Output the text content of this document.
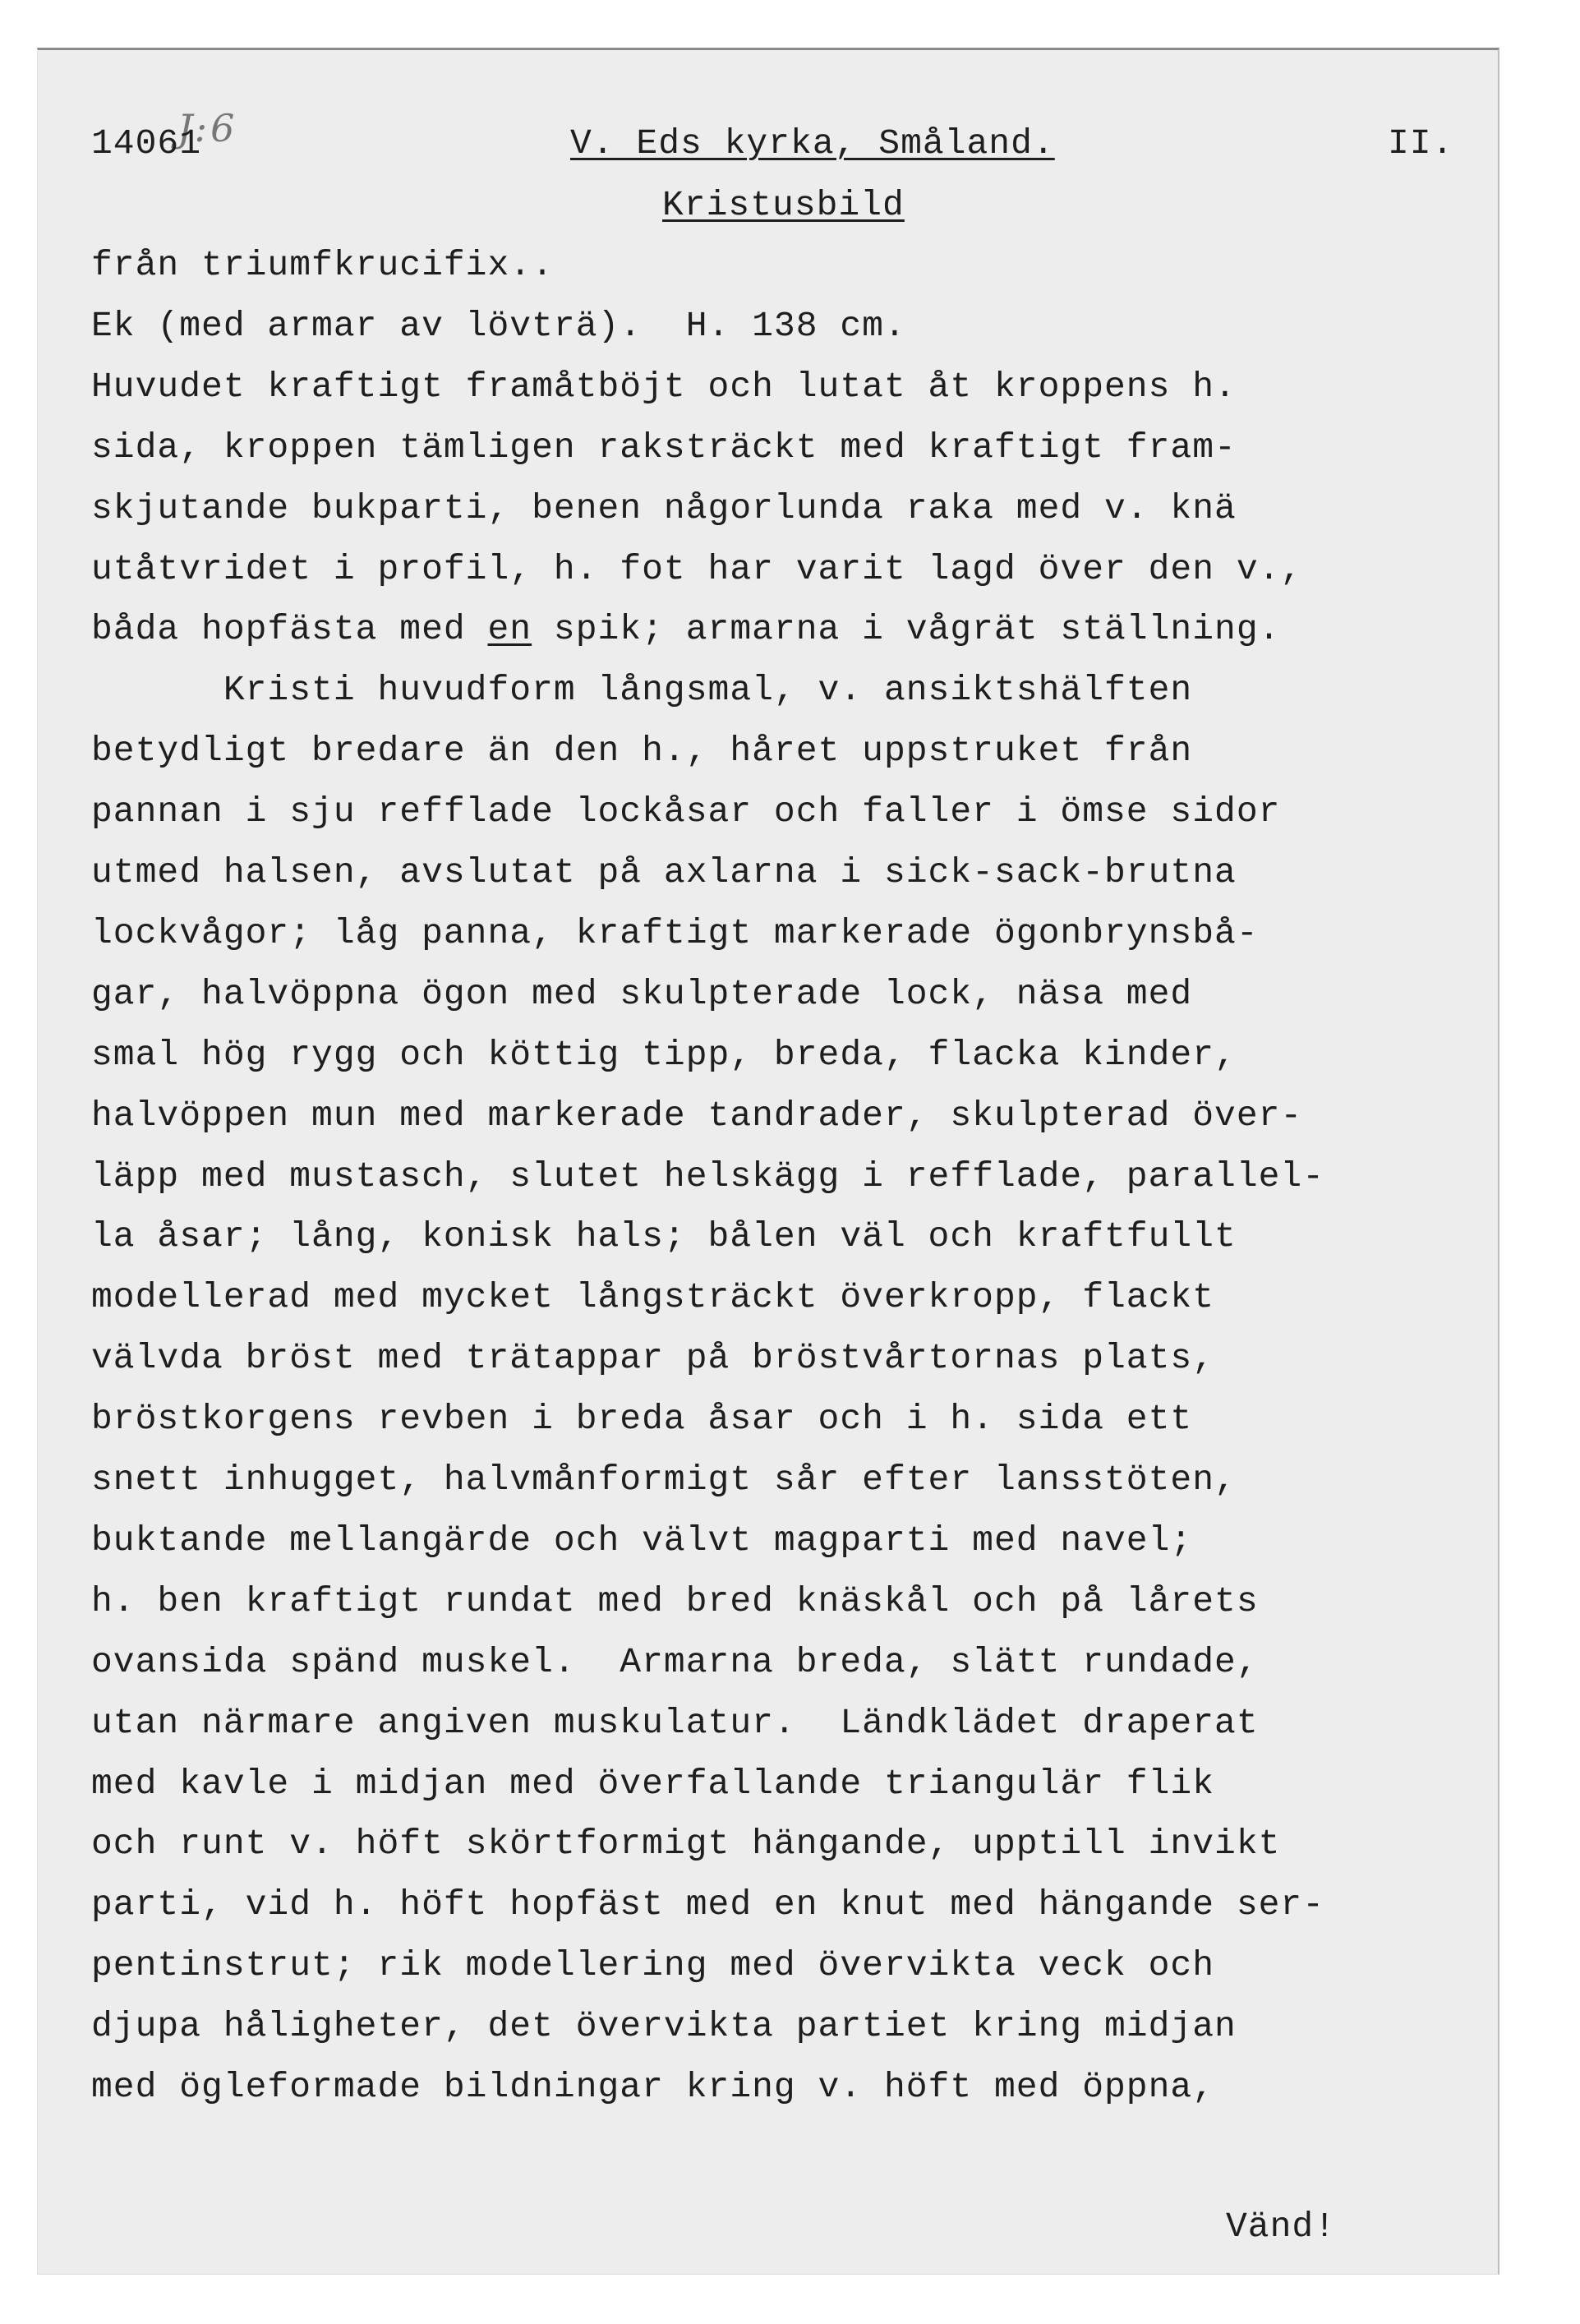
J:6
14061	V. Eds kyrka, Småland.	II.
Kristusbild
från triumfkrucifix..
Ek (med armar av lövträ).  H. 138 cm.
Huvudet kraftigt framåtböjt och lutat åt kroppens h.
sida, kroppen tämligen raksträckt med kraftigt fram-
skjutande bukparti, benen någorlunda raka med v. knä
utåtvridet i profil, h. fot har varit lagd över den v.,
båda hopfästa med en spik; armarna i vågrät ställning.
Kristi huvudform långsmal, v. ansiktshälften
betydligt bredare än den h., håret uppstruket från
pannan i sju refflade lockåsar och faller i ömse sidor
utmed halsen, avslutat på axlarna i sick-sack-brutna
lockvågor; låg panna, kraftigt markerade ögonbrynsbå-
gar, halvöppna ögon med skulpterade lock, näsa med
smal hög rygg och köttig tipp, breda, flacka kinder,
halvöppen mun med markerade tandrader, skulpterad över-
läpp med mustasch, slutet helskägg i refflade, parallel-
la åsar; lång, konisk hals; bålen väl och kraftfullt
modellerad med mycket långsträckt överkropp, flackt
välvda bröst med trätappar på bröstvårtornas plats,
bröstkorgens revben i breda åsar och i h. sida ett
snett inhugget, halvmånformigt sår efter lansstöten,
buktande mellangärde och välvt magparti med navel;
h. ben kraftigt rundat med bred knäskål och på lårets
ovansida spänd muskel.  Armarna breda, slätt rundade,
utan närmare angiven muskulatur.  Ländklädet draperat
med kavle i midjan med överfallande triangulär flik
och runt v. höft skörtformigt hängande, upptill invikt
parti, vid h. höft hopfäst med en knut med hängande ser-
pentinstrut; rik modellering med övervikta veck och
djupa håligheter, det övervikta partiet kring midjan
med ögleformade bildningar kring v. höft med öppna,
Vänd!
